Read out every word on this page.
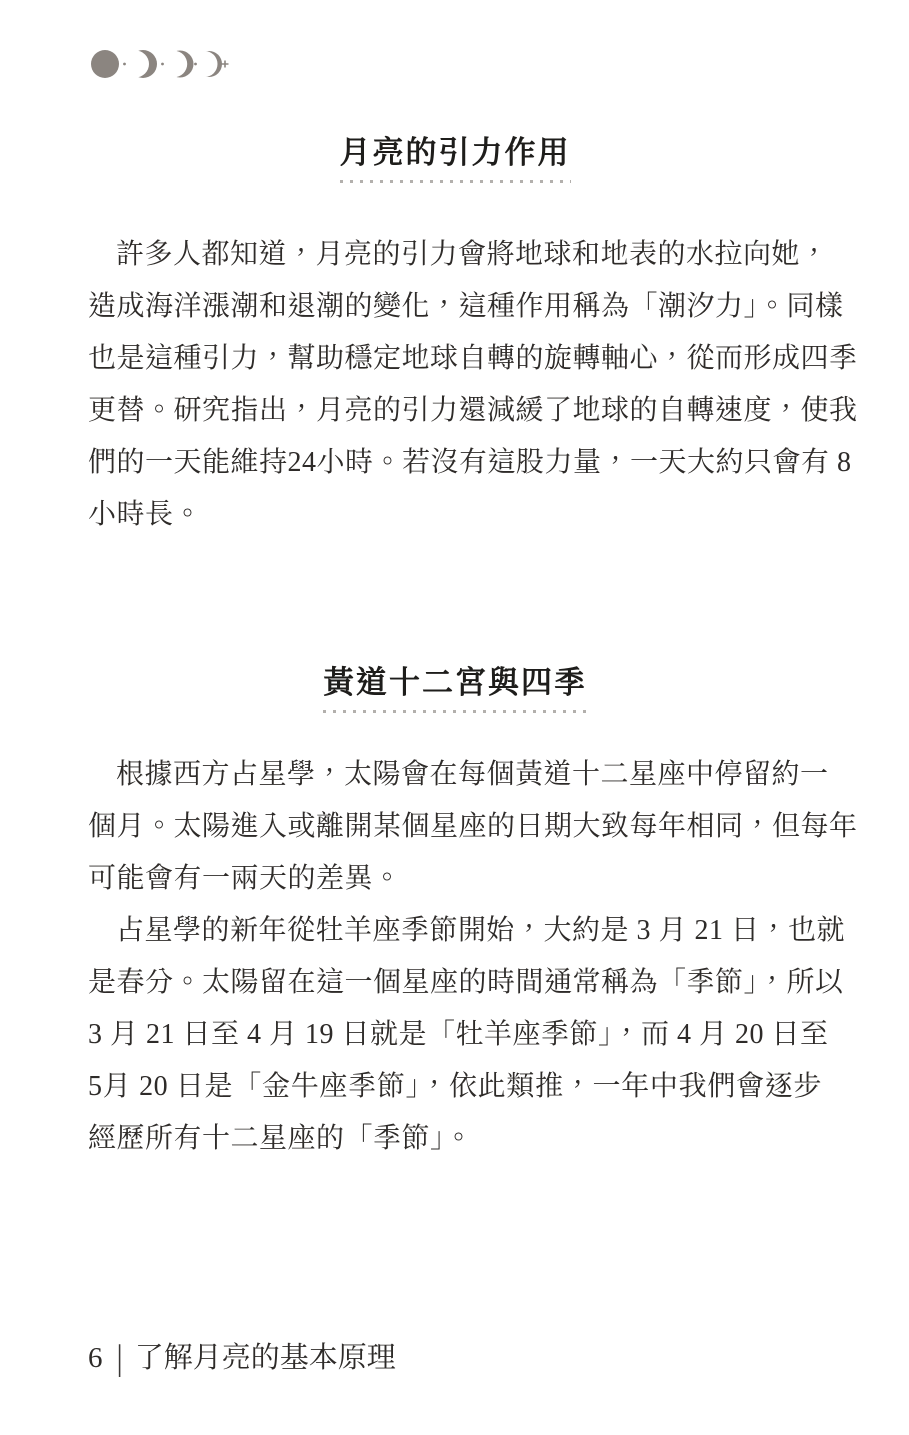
月亮的引力作用
許多人都知道，月亮的引力會將地球和地表的水拉向她，
造成海洋漲潮和退潮的變化，這種作用稱為「潮汐力」。同樣
也是這種引力，幫助穩定地球自轉的旋轉軸心，從而形成四季
更替。研究指出，月亮的引力還減緩了地球的自轉速度，使我
們的一天能維持24小時。若沒有這股力量，一天大約只會有 8
小時長。
黃道十二宮與四季
根據西方占星學，太陽會在每個黃道十二星座中停留約一
個月。太陽進入或離開某個星座的日期大致每年相同，但每年
可能會有一兩天的差異。
占星學的新年從牡羊座季節開始，大約是 3 月 21 日，也就
是春分。太陽留在這一個星座的時間通常稱為「季節」，所以
3 月 21 日至 4 月 19 日就是「牡羊座季節」，而 4 月 20 日至
5月 20 日是「金牛座季節」，依此類推，一年中我們會逐步
經歷所有十二星座的「季節」。
6 | 了解月亮的基本原理
